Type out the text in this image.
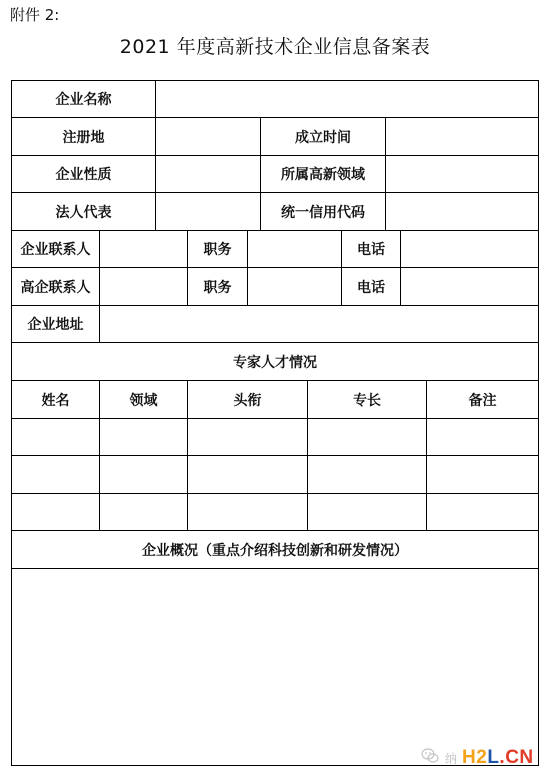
附件 2:
2021 年度高新技术企业信息备案表
企业名称
注册地	成立时间
企业性质	所属高新领域
法人代表	统一信用代码
企业联系人	职务	电话
高企联系人	职务	电话
企业地址
专家人才情况
姓名	领域	头衔	专长	备注
企业概况（重点介绍科技创新和研发情况）
纳 H2L.CN
